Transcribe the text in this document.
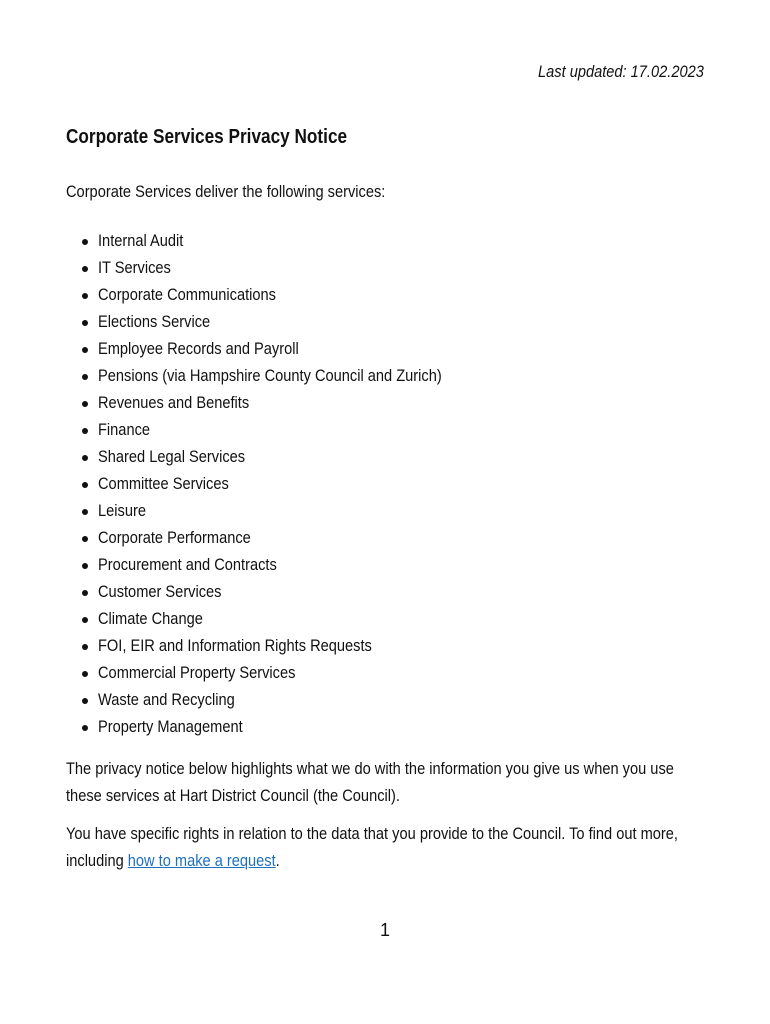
Last updated: 17.02.2023
Corporate Services Privacy Notice

Corporate Services deliver the following services:

Internal Audit
IT Services
Corporate Communications
Elections Service
Employee Records and Payroll
Pensions (via Hampshire County Council and Zurich)
Revenues and Benefits
Finance
Shared Legal Services
Committee Services
Leisure
Corporate Performance
Procurement and Contracts
Customer Services
Climate Change
FOI, EIR and Information Rights Requests
Commercial Property Services
Waste and Recycling
Property Management

The privacy notice below highlights what we do with the information you give us when you use these services at Hart District Council (the Council).

You have specific rights in relation to the data that you provide to the Council. To find out more, including how to make a request.

1
